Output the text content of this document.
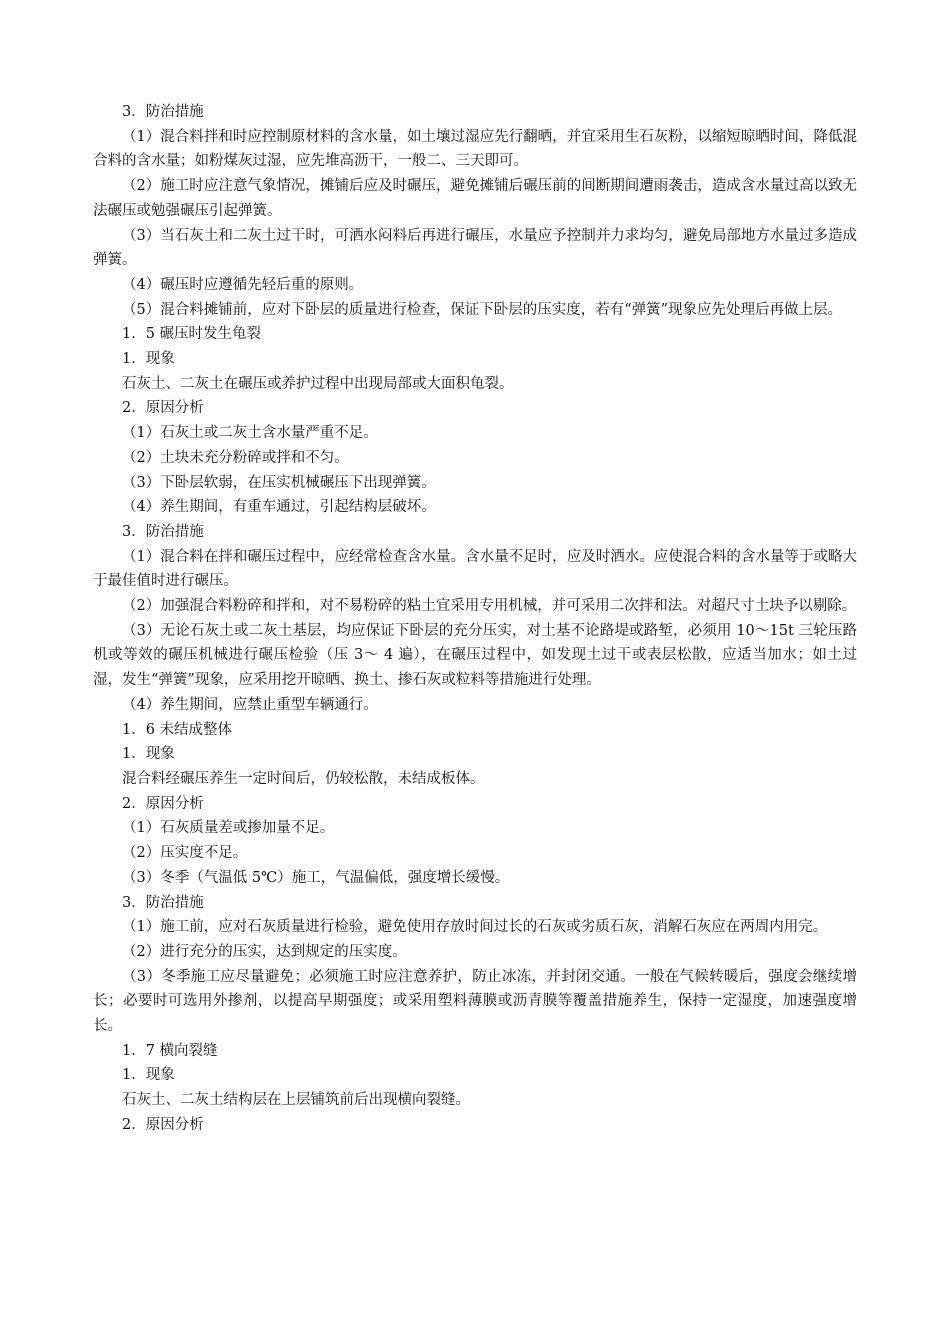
3．防治措施

（1）混合料拌和时应控制原材料的含水量，如土壤过湿应先行翻晒，并宜采用生石灰粉，以缩短晾晒时间，降低混合料的含水量；如粉煤灰过湿，应先堆高沥干，一般二、三天即可。

（2）施工时应注意气象情况，摊铺后应及时碾压，避免摊铺后碾压前的间断期间遭雨袭击，造成含水量过高以致无法碾压或勉强碾压引起弹簧。

（3）当石灰土和二灰土过干时，可洒水闷料后再进行碾压，水量应予控制并力求均匀，避免局部地方水量过多造成弹簧。

（4）碾压时应遵循先轻后重的原则。

（5）混合料摊铺前，应对下卧层的质量进行检查，保证下卧层的压实度，若有“弹簧”现象应先处理后再做上层。

1．5 碾压时发生龟裂

1．现象

石灰土、二灰土在碾压或养护过程中出现局部或大面积龟裂。

2．原因分析

（1）石灰土或二灰土含水量严重不足。

（2）土块未充分粉碎或拌和不匀。

（3）下卧层软弱，在压实机械碾压下出现弹簧。

（4）养生期间，有重车通过，引起结构层破坏。

3．防治措施

（1）混合料在拌和碾压过程中，应经常检查含水量。含水量不足时，应及时洒水。应使混合料的含水量等于或略大于最佳值时进行碾压。

（2）加强混合料粉碎和拌和，对不易粉碎的粘土宜采用专用机械，并可采用二次拌和法。对超尺寸土块予以剔除。

（3）无论石灰土或二灰土基层，均应保证下卧层的充分压实，对土基不论路堤或路堑，必须用 10～15t 三轮压路机或等效的碾压机械进行碾压检验（压 3～ 4 遍），在碾压过程中，如发现土过干或表层松散，应适当加水；如土过湿，发生“弹簧”现象，应采用挖开晾晒、换土、掺石灰或粒料等措施进行处理。

（4）养生期间，应禁止重型车辆通行。

1．6 未结成整体

1．现象

混合料经碾压养生一定时间后，仍较松散，未结成板体。

2．原因分析

（1）石灰质量差或掺加量不足。

（2）压实度不足。

（3）冬季（气温低 5℃）施工，气温偏低，强度增长缓慢。

3．防治措施

（1）施工前，应对石灰质量进行检验，避免使用存放时间过长的石灰或劣质石灰，消解石灰应在两周内用完。

（2）进行充分的压实，达到规定的压实度。

（3）冬季施工应尽量避免；必须施工时应注意养护，防止冰冻，并封闭交通。一般在气候转暖后，强度会继续增长；必要时可选用外掺剂，以提高早期强度；或采用塑料薄膜或沥青膜等覆盖措施养生，保持一定湿度，加速强度增长。

1．7 横向裂缝

1．现象

石灰土、二灰土结构层在上层铺筑前后出现横向裂缝。

2．原因分析
